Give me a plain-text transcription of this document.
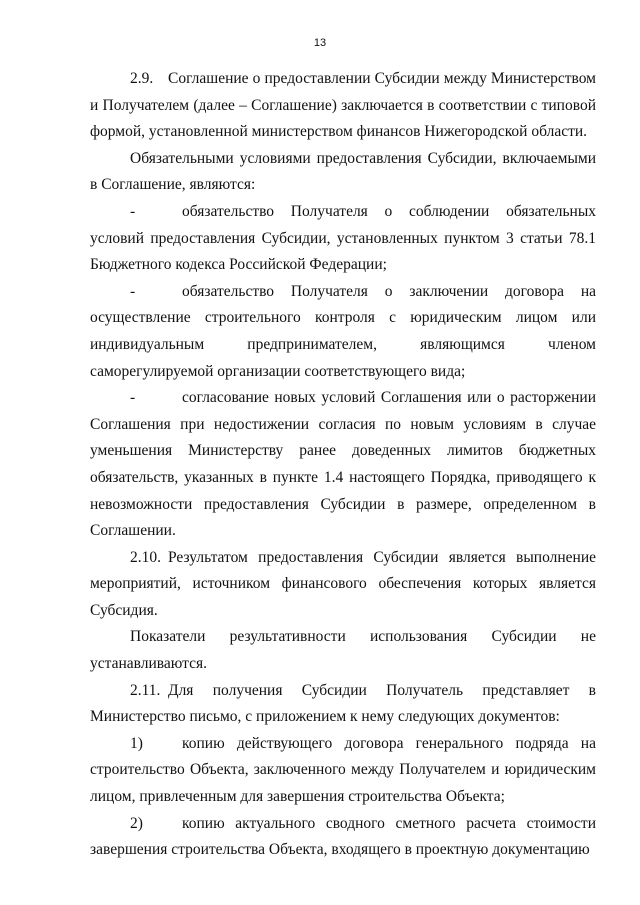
13

2.9. Соглашение о предоставлении Субсидии между Министерством и Получателем (далее – Соглашение) заключается в соответствии с типовой формой, установленной министерством финансов Нижегородской области.

Обязательными условиями предоставления Субсидии, включаемыми в Соглашение, являются:

-	обязательство Получателя о соблюдении обязательных условий предоставления Субсидии, установленных пунктом 3 статьи 78.1 Бюджетного кодекса Российской Федерации;

-	обязательство Получателя о заключении договора на осуществление строительного контроля с юридическим лицом или индивидуальным предпринимателем, являющимся членом саморегулируемой организации соответствующего вида;

-	согласование новых условий Соглашения или о расторжении Соглашения при недостижении согласия по новым условиям в случае уменьшения Министерству ранее доведенных лимитов бюджетных обязательств, указанных в пункте 1.4 настоящего Порядка, приводящего к невозможности предоставления Субсидии в размере, определенном в Соглашении.

2.10. Результатом предоставления Субсидии является выполнение мероприятий, источником финансового обеспечения которых является Субсидия.

Показатели результативности использования Субсидии не устанавливаются.

2.11. Для получения Субсидии Получатель представляет в Министерство письмо, с приложением к нему следующих документов:

1)	копию действующего договора генерального подряда на строительство Объекта, заключенного между Получателем и юридическим лицом, привлеченным для завершения строительства Объекта;

2)	копию актуального сводного сметного расчета стоимости завершения строительства Объекта, входящего в проектную документацию
